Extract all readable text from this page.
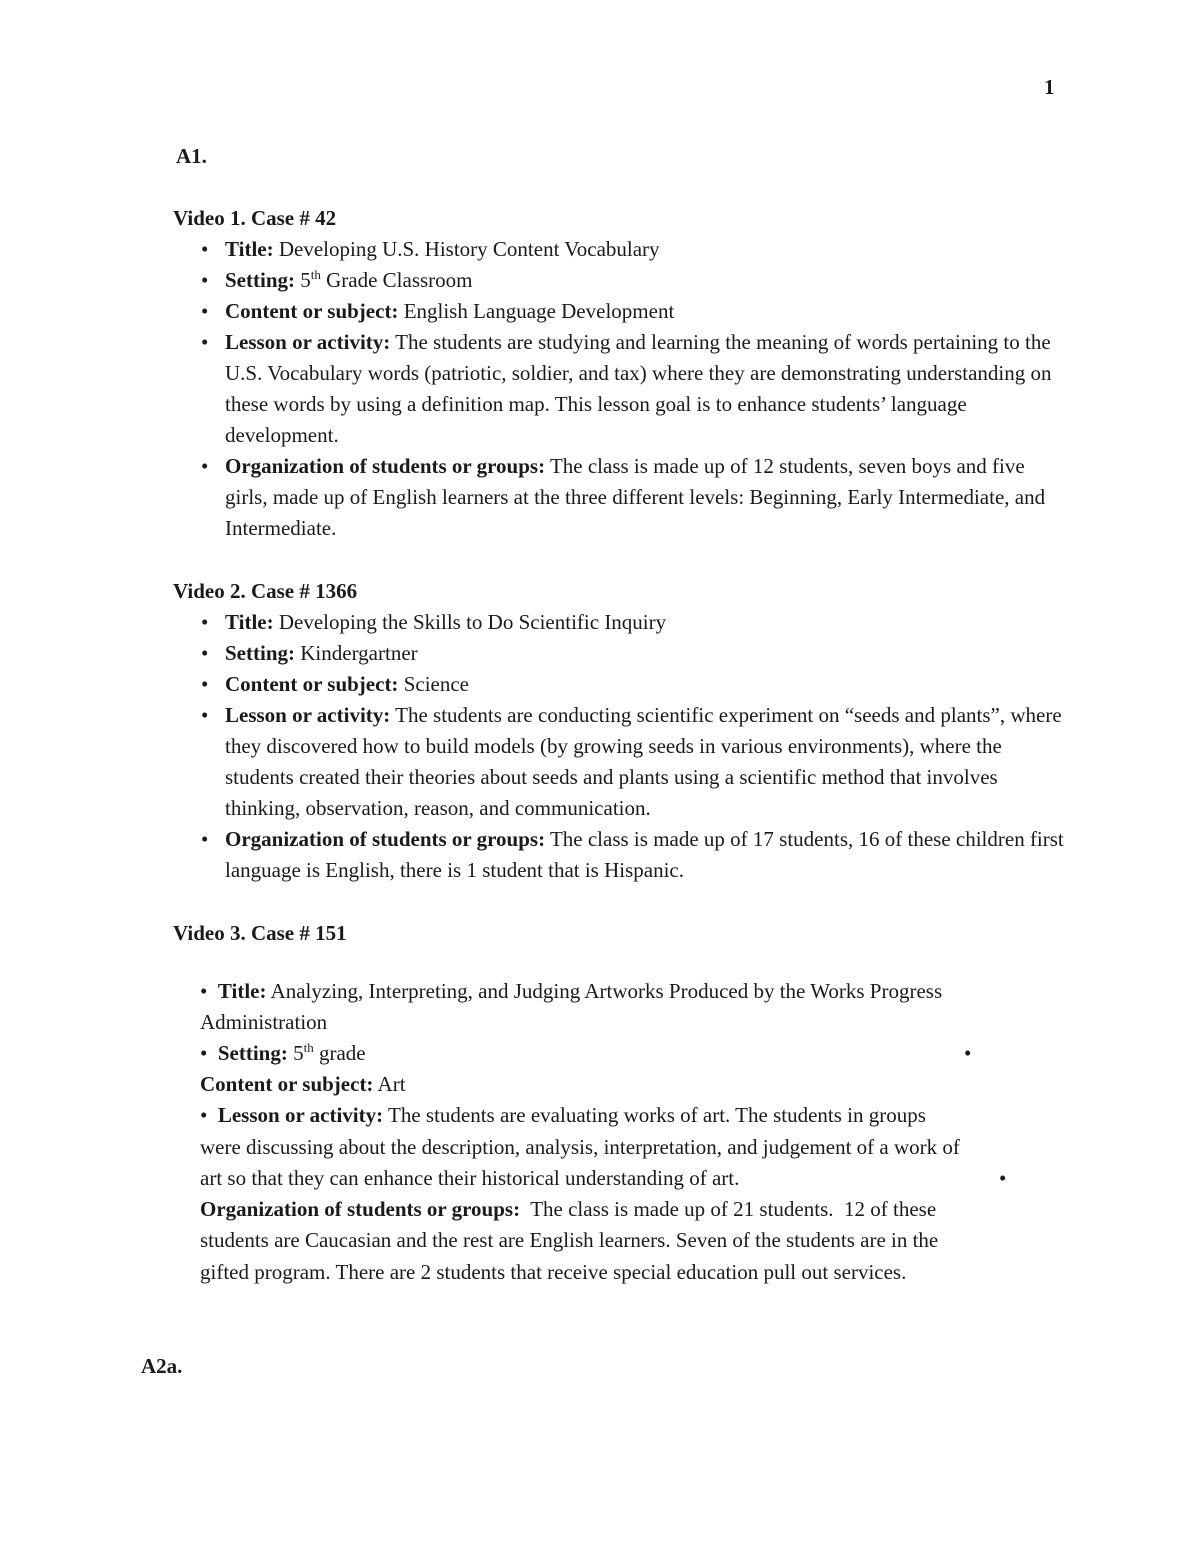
1
A1.
Video 1. Case # 42
• Title: Developing U.S. History Content Vocabulary
• Setting: 5th Grade Classroom
• Content or subject: English Language Development
• Lesson or activity: The students are studying and learning the meaning of words pertaining to the U.S. Vocabulary words (patriotic, soldier, and tax) where they are demonstrating understanding on these words by using a definition map. This lesson goal is to enhance students’ language development.
• Organization of students or groups: The class is made up of 12 students, seven boys and five girls, made up of English learners at the three different levels: Beginning, Early Intermediate, and Intermediate.
Video 2. Case # 1366
• Title: Developing the Skills to Do Scientific Inquiry
• Setting: Kindergartner
• Content or subject: Science
• Lesson or activity: The students are conducting scientific experiment on “seeds and plants”, where they discovered how to build models (by growing seeds in various environments), where the students created their theories about seeds and plants using a scientific method that involves thinking, observation, reason, and communication.
• Organization of students or groups: The class is made up of 17 students, 16 of these children first language is English, there is 1 student that is Hispanic.
Video 3. Case # 151
• Title: Analyzing, Interpreting, and Judging Artworks Produced by the Works Progress
Administration
• Setting: 5th grade	•
Content or subject: Art
• Lesson or activity: The students are evaluating works of art. The students in groups
were discussing about the description, analysis, interpretation, and judgement of a work of
art so that they can enhance their historical understanding of art.	•
Organization of students or groups:  The class is made up of 21 students.  12 of these
students are Caucasian and the rest are English learners. Seven of the students are in the
gifted program. There are 2 students that receive special education pull out services.
A2a.
